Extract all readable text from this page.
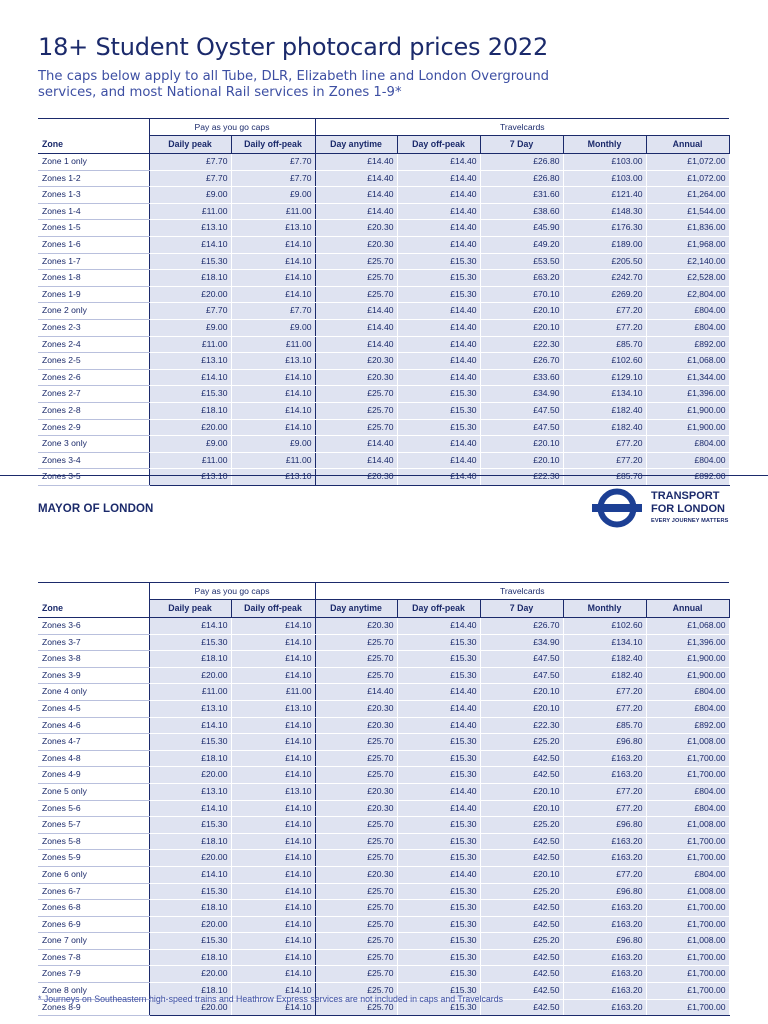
18+ Student Oyster photocard prices 2022
The caps below apply to all Tube, DLR, Elizabeth line and London Overground services, and most National Rail services in Zones 1-9*
	Pay as you go caps		Travelcards				
Zone	Daily peak	Daily off-peak	Day anytime	Day off-peak	7 Day	Monthly	Annual
Zone 1 only	£7.70	£7.70	£14.40	£14.40	£26.80	£103.00	£1,072.00
Zones 1-2	£7.70	£7.70	£14.40	£14.40	£26.80	£103.00	£1,072.00
Zones 1-3	£9.00	£9.00	£14.40	£14.40	£31.60	£121.40	£1,264.00
Zones 1-4	£11.00	£11.00	£14.40	£14.40	£38.60	£148.30	£1,544.00
Zones 1-5	£13.10	£13.10	£20.30	£14.40	£45.90	£176.30	£1,836.00
Zones 1-6	£14.10	£14.10	£20.30	£14.40	£49.20	£189.00	£1,968.00
Zones 1-7	£15.30	£14.10	£25.70	£15.30	£53.50	£205.50	£2,140.00
Zones 1-8	£18.10	£14.10	£25.70	£15.30	£63.20	£242.70	£2,528.00
Zones 1-9	£20.00	£14.10	£25.70	£15.30	£70.10	£269.20	£2,804.00
Zone 2 only	£7.70	£7.70	£14.40	£14.40	£20.10	£77.20	£804.00
Zones 2-3	£9.00	£9.00	£14.40	£14.40	£20.10	£77.20	£804.00
Zones 2-4	£11.00	£11.00	£14.40	£14.40	£22.30	£85.70	£892.00
Zones 2-5	£13.10	£13.10	£20.30	£14.40	£26.70	£102.60	£1,068.00
Zones 2-6	£14.10	£14.10	£20.30	£14.40	£33.60	£129.10	£1,344.00
Zones 2-7	£15.30	£14.10	£25.70	£15.30	£34.90	£134.10	£1,396.00
Zones 2-8	£18.10	£14.10	£25.70	£15.30	£47.50	£182.40	£1,900.00
Zones 2-9	£20.00	£14.10	£25.70	£15.30	£47.50	£182.40	£1,900.00
Zone 3 only	£9.00	£9.00	£14.40	£14.40	£20.10	£77.20	£804.00
Zones 3-4	£11.00	£11.00	£14.40	£14.40	£20.10	£77.20	£804.00
Zones 3-5	£13.10	£13.10	£20.30	£14.40	£22.30	£85.70	£892.00
MAYOR OF LONDON
TRANSPORT
FOR LONDON
EVERY JOURNEY MATTERS
	Pay as you go caps		Travelcards				
Zone	Daily peak	Daily off-peak	Day anytime	Day off-peak	7 Day	Monthly	Annual
Zones 3-6	£14.10	£14.10	£20.30	£14.40	£26.70	£102.60	£1,068.00
Zones 3-7	£15.30	£14.10	£25.70	£15.30	£34.90	£134.10	£1,396.00
Zones 3-8	£18.10	£14.10	£25.70	£15.30	£47.50	£182.40	£1,900.00
Zones 3-9	£20.00	£14.10	£25.70	£15.30	£47.50	£182.40	£1,900.00
Zone 4 only	£11.00	£11.00	£14.40	£14.40	£20.10	£77.20	£804.00
Zones 4-5	£13.10	£13.10	£20.30	£14.40	£20.10	£77.20	£804.00
Zones 4-6	£14.10	£14.10	£20.30	£14.40	£22.30	£85.70	£892.00
Zones 4-7	£15.30	£14.10	£25.70	£15.30	£25.20	£96.80	£1,008.00
Zones 4-8	£18.10	£14.10	£25.70	£15.30	£42.50	£163.20	£1,700.00
Zones 4-9	£20.00	£14.10	£25.70	£15.30	£42.50	£163.20	£1,700.00
Zone 5 only	£13.10	£13.10	£20.30	£14.40	£20.10	£77.20	£804.00
Zones 5-6	£14.10	£14.10	£20.30	£14.40	£20.10	£77.20	£804.00
Zones 5-7	£15.30	£14.10	£25.70	£15.30	£25.20	£96.80	£1,008.00
Zones 5-8	£18.10	£14.10	£25.70	£15.30	£42.50	£163.20	£1,700.00
Zones 5-9	£20.00	£14.10	£25.70	£15.30	£42.50	£163.20	£1,700.00
Zone 6 only	£14.10	£14.10	£20.30	£14.40	£20.10	£77.20	£804.00
Zones 6-7	£15.30	£14.10	£25.70	£15.30	£25.20	£96.80	£1,008.00
Zones 6-8	£18.10	£14.10	£25.70	£15.30	£42.50	£163.20	£1,700.00
Zones 6-9	£20.00	£14.10	£25.70	£15.30	£42.50	£163.20	£1,700.00
Zone 7 only	£15.30	£14.10	£25.70	£15.30	£25.20	£96.80	£1,008.00
Zones 7-8	£18.10	£14.10	£25.70	£15.30	£42.50	£163.20	£1,700.00
Zones 7-9	£20.00	£14.10	£25.70	£15.30	£42.50	£163.20	£1,700.00
Zone 8 only	£18.10	£14.10	£25.70	£15.30	£42.50	£163.20	£1,700.00
Zones 8-9	£20.00	£14.10	£25.70	£15.30	£42.50	£163.20	£1,700.00
* Journeys on Southeastern high-speed trains and Heathrow Express services are not included in caps and Travelcards
